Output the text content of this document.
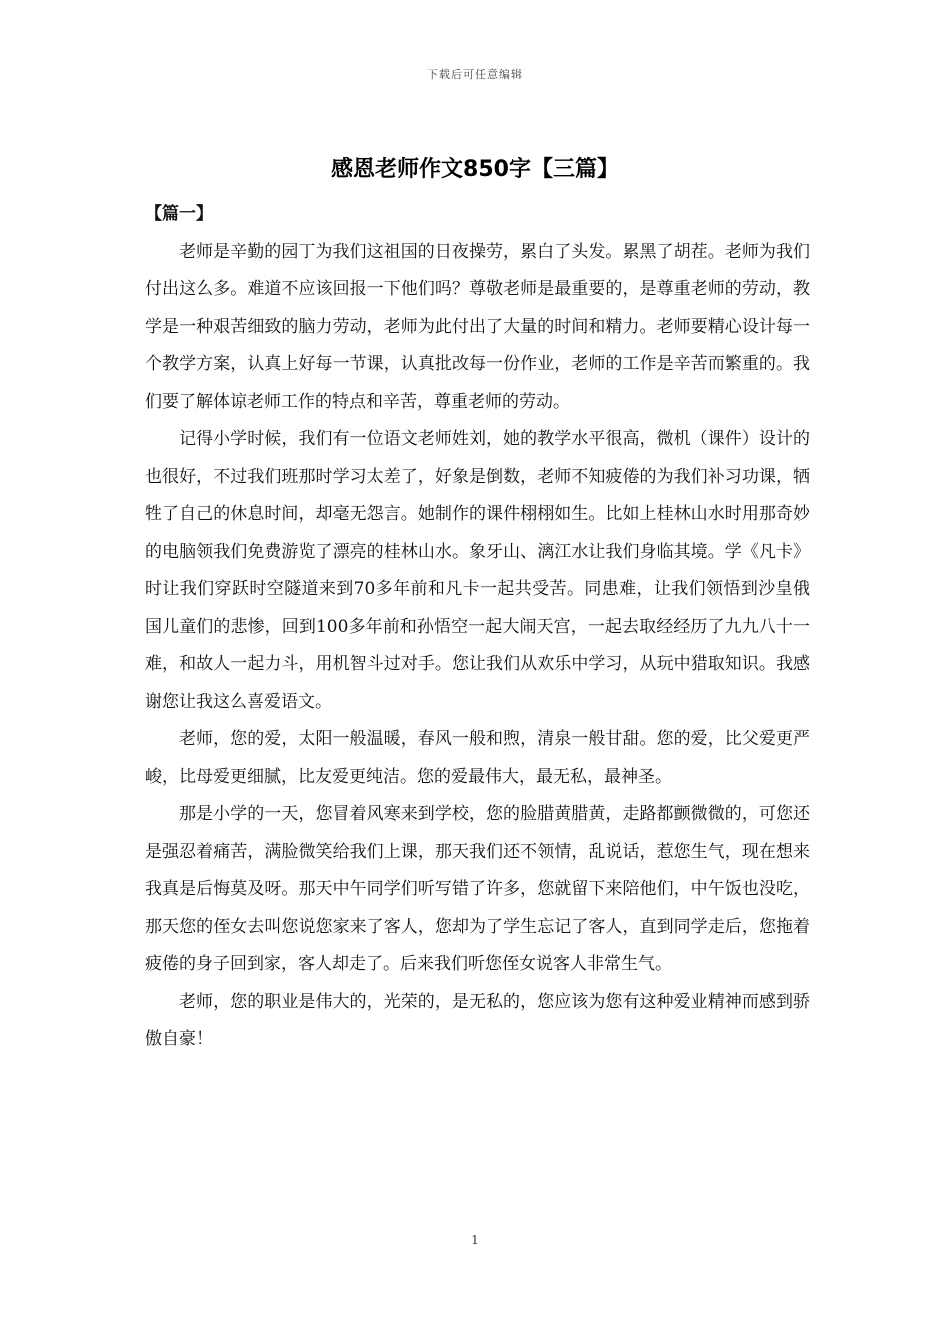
下载后可任意编辑
感恩老师作文850字【三篇】

【篇一】

老师是辛勤的园丁为我们这祖国的日夜操劳，累白了头发。累黑了胡茬。老师为我们付出这么多。难道不应该回报一下他们吗？尊敬老师是最重要的，是尊重老师的劳动，教学是一种艰苦细致的脑力劳动，老师为此付出了大量的时间和精力。老师要精心设计每一个教学方案，认真上好每一节课，认真批改每一份作业，老师的工作是辛苦而繁重的。我们要了解体谅老师工作的特点和辛苦，尊重老师的劳动。

记得小学时候，我们有一位语文老师姓刘，她的教学水平很高，微机（课件）设计的也很好，不过我们班那时学习太差了，好象是倒数，老师不知疲倦的为我们补习功课，牺牲了自己的休息时间，却毫无怨言。她制作的课件栩栩如生。比如上桂林山水时用那奇妙的电脑领我们免费游览了漂亮的桂林山水。象牙山、漓江水让我们身临其境。学《凡卡》时让我们穿跃时空隧道来到70多年前和凡卡一起共受苦。同患难，让我们领悟到沙皇俄国儿童们的悲惨，回到100多年前和孙悟空一起大闹天宫，一起去取经经历了九九八十一难，和故人一起力斗，用机智斗过对手。您让我们从欢乐中学习，从玩中猎取知识。我感谢您让我这么喜爱语文。

老师，您的爱，太阳一般温暖，春风一般和煦，清泉一般甘甜。您的爱，比父爱更严峻，比母爱更细腻，比友爱更纯洁。您的爱最伟大，最无私，最神圣。

那是小学的一天，您冒着风寒来到学校，您的脸腊黄腊黄，走路都颤微微的，可您还是强忍着痛苦，满脸微笑给我们上课，那天我们还不领情，乱说话，惹您生气，现在想来我真是后悔莫及呀。那天中午同学们听写错了许多，您就留下来陪他们，中午饭也没吃，那天您的侄女去叫您说您家来了客人，您却为了学生忘记了客人，直到同学走后，您拖着疲倦的身子回到家，客人却走了。后来我们听您侄女说客人非常生气。

老师，您的职业是伟大的，光荣的，是无私的，您应该为您有这种爱业精神而感到骄傲自豪！

1
